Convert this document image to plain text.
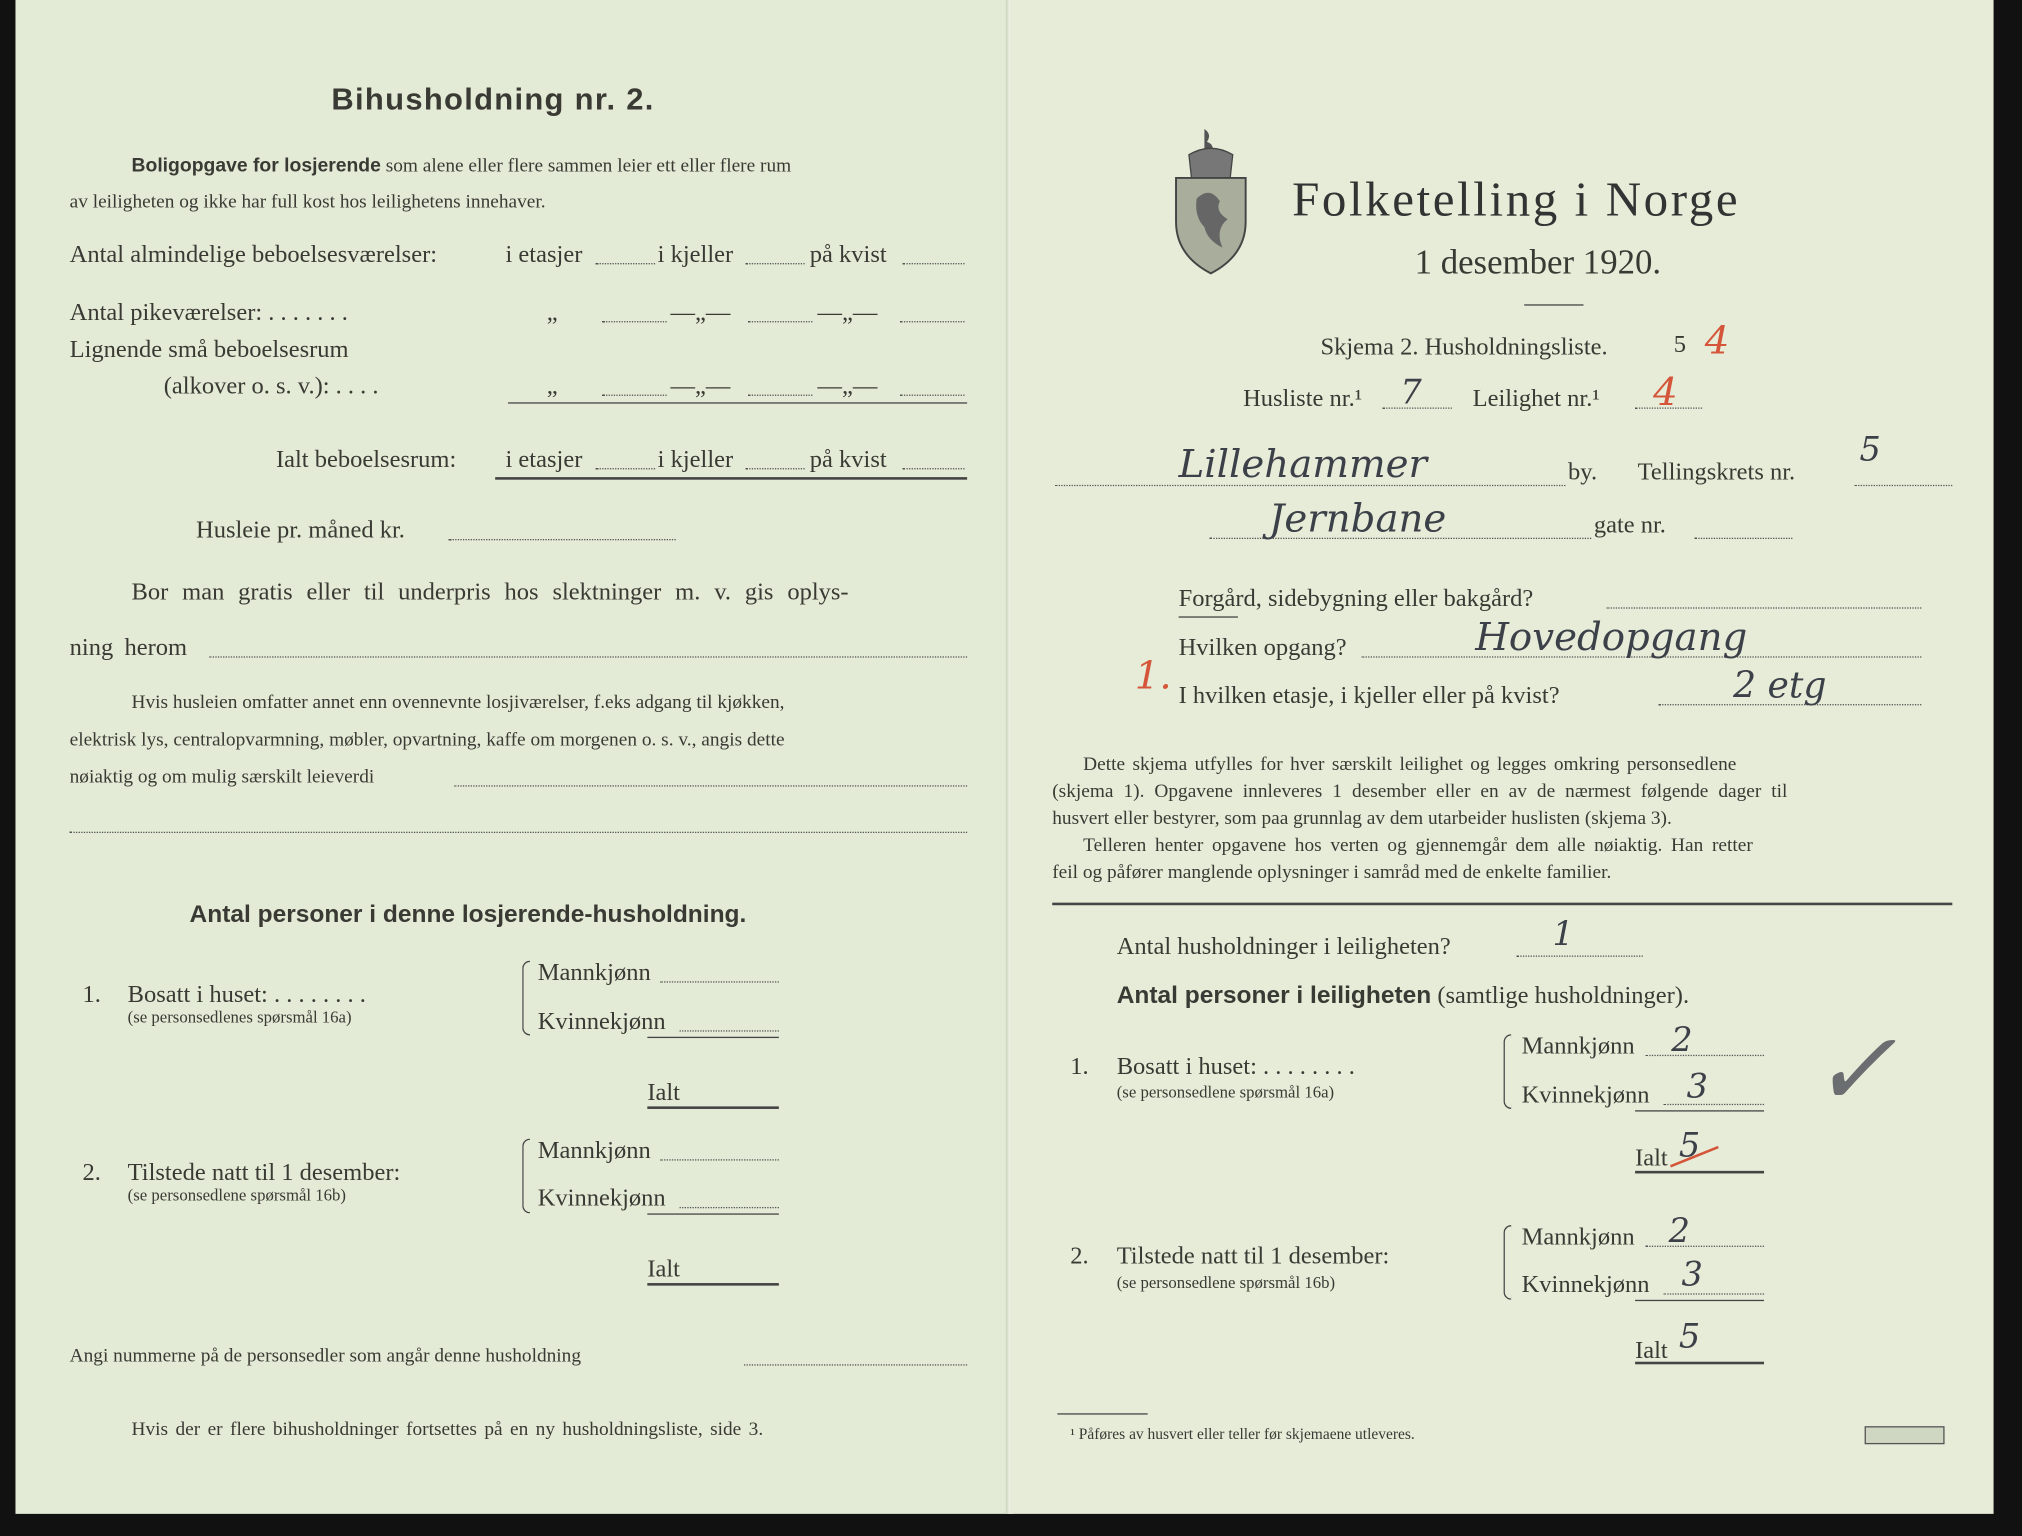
Bihusholdning nr. 2.
Boligopgave for losjerende som alene eller flere sammen leier ett eller flere rum
av leiligheten og ikke har full kost hos leilighetens innehaver.
Antal almindelige beboelsesværelser:	i etasjer	i kjeller	på kvist
Antal pikeværelser: . . . . . . .	„	—„—	—„—
Lignende små beboelsesrum
(alkover o. s. v.): . . . .	„	—„—	—„—
Ialt beboelsesrum:	i etasjer	i kjeller	på kvist
Husleie pr. måned kr.
Bor man gratis eller til underpris hos slektninger m. v. gis oplys-
ning herom
Hvis husleien omfatter annet enn ovennevnte losjiværelser, f.eks adgang til kjøkken,
elektrisk lys, centralopvarmning, møbler, opvartning, kaffe om morgenen o. s. v., angis dette
nøiaktig og om mulig særskilt leieverdi
Antal personer i denne losjerende-husholdning.
1. Bosatt i huset: . . . . . . . .
(se personsedlenes spørsmål 16a)
Mannkjønn
Kvinnekjønn
Ialt
2. Tilstede natt til 1 desember:
(se personsedlene spørsmål 16b)
Mannkjønn
Kvinnekjønn
Ialt
Angi nummerne på de personsedler som angår denne husholdning
Hvis der er flere bihusholdninger fortsettes på en ny husholdningsliste, side 3.
Folketelling i Norge
1 desember 1920.
Skjema 2. Husholdningsliste.	5 4
Husliste nr.¹ 7	Leilighet nr.¹ 4
Lillehammer	by. Tellingskrets nr.
5
Jernbane	gate nr.
Forgård, sidebygning eller bakgård?
Hvilken opgang?	Hovedopgang
1. I hvilken etasje, i kjeller eller på kvist?	2 etg
Dette skjema utfylles for hver særskilt leilighet og legges omkring personsedlene
(skjema 1). Opgavene innleveres 1 desember eller en av de nærmest følgende dager til
husvert eller bestyrer, som paa grunnlag av dem utarbeider huslisten (skjema 3).
Telleren henter opgavene hos verten og gjennemgår dem alle nøiaktig. Han retter
feil og påfører manglende oplysninger i samråd med de enkelte familier.
Antal husholdninger i leiligheten?	1
Antal personer i leiligheten (samtlige husholdninger).
1. Bosatt i huset: . . . . . . . .
(se personsedlene spørsmål 16a)
Mannkjønn 2
Kvinnekjønn 3
Ialt 5
✓
2. Tilstede natt til 1 desember:
(se personsedlene spørsmål 16b)
Mannkjønn 2
Kvinnekjønn 3
Ialt 5
¹ Påføres av husvert eller teller før skjemaene utleveres.
